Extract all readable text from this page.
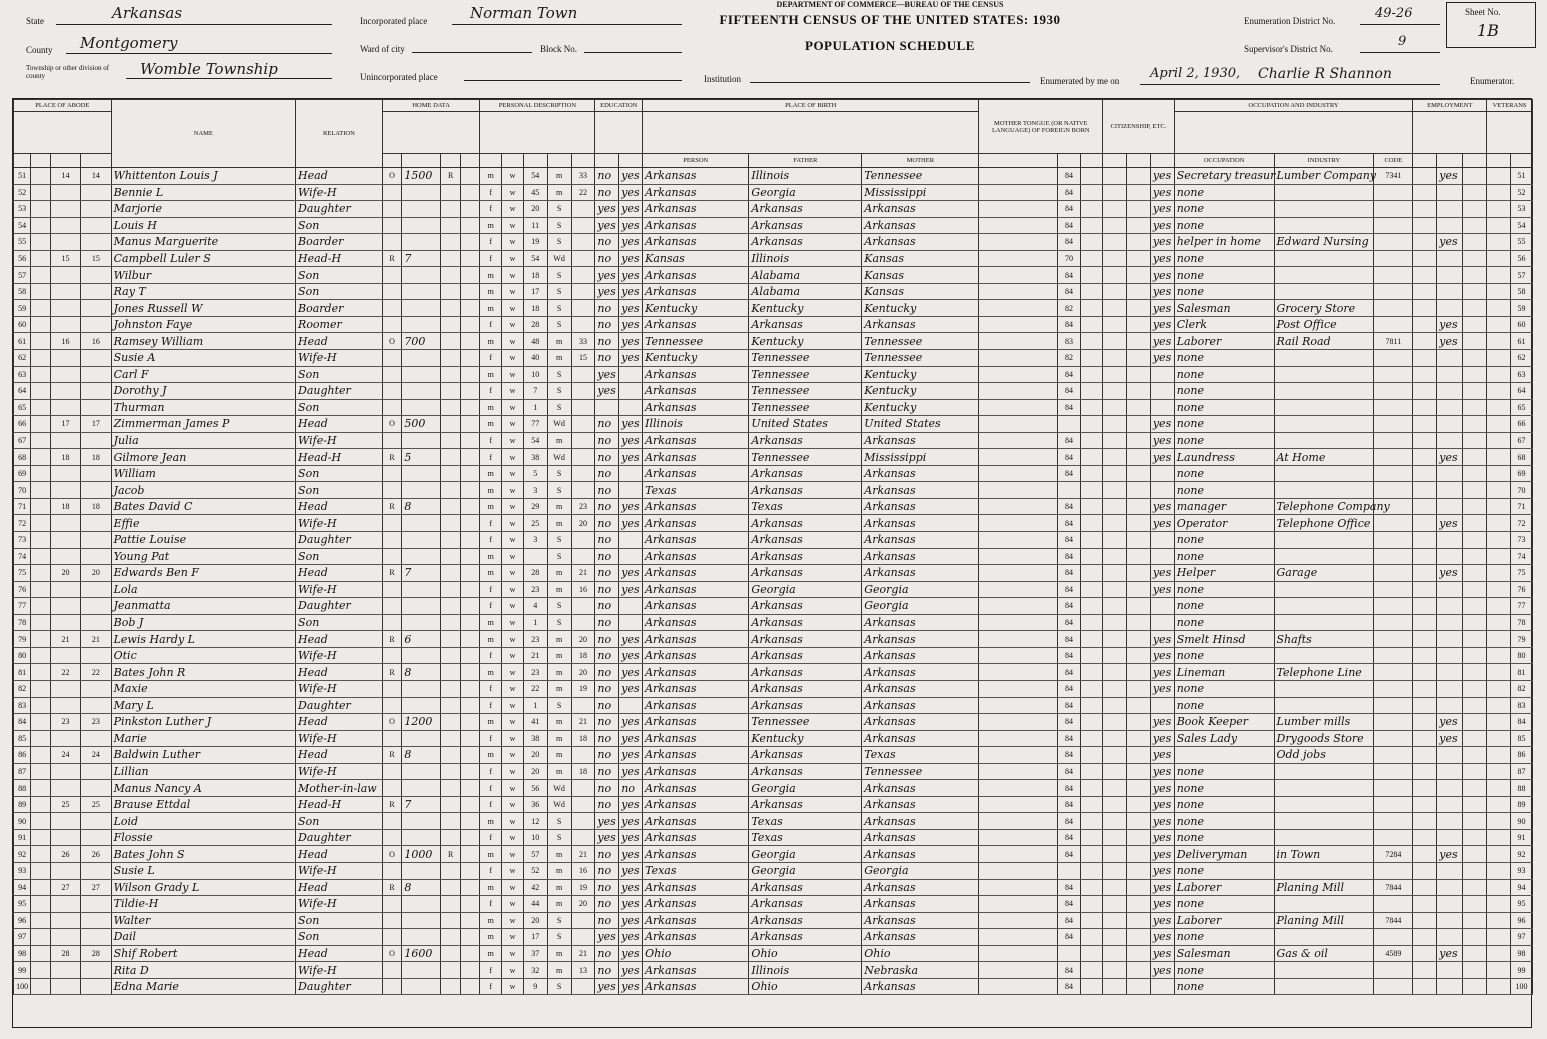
State	Arkansas
County Montgomery
Township or other division of county	Womble Township
Incorporated place	Norman Town
Ward of city	Block No.
Unincorporated place
DEPARTMENT OF COMMERCE—BUREAU OF THE CENSUS
FIFTEENTH CENSUS OF THE UNITED STATES: 1930
POPULATION SCHEDULE
Institution
Enumeration District No.	49-26
Supervisor's District No.	9
Enumerated by me on April 2, 1930, Charlie R Shannon	Enumerator.
Sheet No.
1B
PLACE OF ABODE				NAME	RELATION	HOME DATA				PERSONAL DESCRIPTION					EDUCATION		PLACE OF BIRTH			MOTHER TONGUE (OR NATIVE LANGUAGE) OF FOREIGN BORN			CITIZENSHIP, ETC.			OCCUPATION AND INDUSTRY			EMPLOYMENT			VETERANS	

																	PERSON	FATHER	MOTHER							OCCUPATION	INDUSTRY	CODE					
51		14	14	Whittenton Louis J	Head	O	1500	R		m	w	54	m	33	no	yes	Arkansas	Illinois	Tennessee		84				yes	Secretary treasur	Lumber Company	7341		yes			51
52				Bennie L	Wife-H					f	w	45	m	22	no	yes	Arkansas	Georgia	Mississippi		84				yes	none							52
53				Marjorie	Daughter					f	w	20	S		yes	yes	Arkansas	Arkansas	Arkansas		84				yes	none							53
54				Louis H	Son					m	w	11	S		yes	yes	Arkansas	Arkansas	Arkansas		84				yes	none							54
55				Manus Marguerite	Boarder					f	w	19	S		no	yes	Arkansas	Arkansas	Arkansas		84				yes	helper in home	Edward Nursing			yes			55
56		15	15	Campbell Luler S	Head-H	R	7			f	w	54	Wd		no	yes	Kansas	Illinois	Kansas		70				yes	none							56
57				Wilbur	Son					m	w	18	S		yes	yes	Arkansas	Alabama	Kansas		84				yes	none							57
58				Ray T	Son					m	w	17	S		yes	yes	Arkansas	Alabama	Kansas		84				yes	none							58
59				Jones Russell W	Boarder					m	w	18	S		no	yes	Kentucky	Kentucky	Kentucky		82				yes	Salesman	Grocery Store						59
60				Johnston Faye	Roomer					f	w	28	S		no	yes	Arkansas	Arkansas	Arkansas		84				yes	Clerk	Post Office			yes			60
61		16	16	Ramsey William	Head	O	700			m	w	48	m	33	no	yes	Tennessee	Kentucky	Tennessee		83				yes	Laborer	Rail Road	7811		yes			61
62				Susie A	Wife-H					f	w	40	m	15	no	yes	Kentucky	Tennessee	Tennessee		82				yes	none							62
63				Carl F	Son					m	w	10	S		yes		Arkansas	Tennessee	Kentucky		84					none							63
64				Dorothy J	Daughter					f	w	7	S		yes		Arkansas	Tennessee	Kentucky		84					none							64
65				Thurman	Son					m	w	1	S				Arkansas	Tennessee	Kentucky		84					none							65
66		17	17	Zimmerman James P	Head	O	500			m	w	77	Wd		no	yes	Illinois	United States	United States						yes	none							66
67				Julia	Wife-H					f	w	54	m		no	yes	Arkansas	Arkansas	Arkansas		84				yes	none							67
68		18	18	Gilmore Jean	Head-H	R	5			f	w	38	Wd		no	yes	Arkansas	Tennessee	Mississippi		84				yes	Laundress	At Home			yes			68
69				William	Son					m	w	5	S		no		Arkansas	Arkansas	Arkansas		84					none							69
70				Jacob	Son					m	w	3	S		no		Texas	Arkansas	Arkansas							none							70
71		18	18	Bates David C	Head	R	8			m	w	29	m	23	no	yes	Arkansas	Texas	Arkansas		84				yes	manager	Telephone Company						71
72				Effie	Wife-H					f	w	25	m	20	no	yes	Arkansas	Arkansas	Arkansas		84				yes	Operator	Telephone Office			yes			72
73				Pattie Louise	Daughter					f	w	3	S		no		Arkansas	Arkansas	Arkansas		84					none							73
74				Young Pat	Son					m	w		S		no		Arkansas	Arkansas	Arkansas		84					none							74
75		20	20	Edwards Ben F	Head	R	7			m	w	28	m	21	no	yes	Arkansas	Arkansas	Arkansas		84				yes	Helper	Garage			yes			75
76				Lola	Wife-H					f	w	23	m	16	no	yes	Arkansas	Georgia	Georgia		84				yes	none							76
77				Jeanmatta	Daughter					f	w	4	S		no		Arkansas	Arkansas	Georgia		84					none							77
78				Bob J	Son					m	w	1	S		no		Arkansas	Arkansas	Arkansas		84					none							78
79		21	21	Lewis Hardy L	Head	R	6			m	w	23	m	20	no	yes	Arkansas	Arkansas	Arkansas		84				yes	Smelt Hinsd	Shafts						79
80				Otic	Wife-H					f	w	21	m	18	no	yes	Arkansas	Arkansas	Arkansas		84				yes	none							80
81		22	22	Bates John R	Head	R	8			m	w	23	m	20	no	yes	Arkansas	Arkansas	Arkansas		84				yes	Lineman	Telephone Line						81
82				Maxie	Wife-H					f	w	22	m	19	no	yes	Arkansas	Arkansas	Arkansas		84				yes	none							82
83				Mary L	Daughter					f	w	1	S		no		Arkansas	Arkansas	Arkansas		84					none							83
84		23	23	Pinkston Luther J	Head	O	1200			m	w	41	m	21	no	yes	Arkansas	Tennessee	Arkansas		84				yes	Book Keeper	Lumber mills			yes			84
85				Marie	Wife-H					f	w	38	m	18	no	yes	Arkansas	Kentucky	Arkansas		84				yes	Sales Lady	Drygoods Store			yes			85
86		24	24	Baldwin Luther	Head	R	8			m	w	20	m		no	yes	Arkansas	Arkansas	Texas		84				yes		Odd jobs						86
87				Lillian	Wife-H					f	w	20	m	18	no	yes	Arkansas	Arkansas	Tennessee		84				yes	none							87
88				Manus Nancy A	Mother-in-law					f	w	56	Wd		no	no	Arkansas	Georgia	Arkansas		84				yes	none							88
89		25	25	Brause Ettdal	Head-H	R	7			f	w	36	Wd		no	yes	Arkansas	Arkansas	Arkansas		84				yes	none							89
90				Loid	Son					m	w	12	S		yes	yes	Arkansas	Texas	Arkansas		84				yes	none							90
91				Flossie	Daughter					f	w	10	S		yes	yes	Arkansas	Texas	Arkansas		84				yes	none							91
92		26	26	Bates John S	Head	O	1000	R		m	w	57	m	21	no	yes	Arkansas	Georgia	Arkansas		84				yes	Deliveryman	in Town	7284		yes			92
93				Susie L	Wife-H					f	w	52	m	16	no	yes	Texas	Georgia	Georgia						yes	none							93
94		27	27	Wilson Grady L	Head	R	8			m	w	42	m	19	no	yes	Arkansas	Arkansas	Arkansas		84				yes	Laborer	Planing Mill	7844					94
95				Tildie-H	Wife-H					f	w	44	m	20	no	yes	Arkansas	Arkansas	Arkansas		84				yes	none							95
96				Walter	Son					m	w	20	S		no	yes	Arkansas	Arkansas	Arkansas		84				yes	Laborer	Planing Mill	7844					96
97				Dail	Son					m	w	17	S		yes	yes	Arkansas	Arkansas	Arkansas		84				yes	none							97
98		28	28	Shif Robert	Head	O	1600			m	w	37	m	21	no	yes	Ohio	Ohio	Ohio						yes	Salesman	Gas & oil	4589		yes			98
99				Rita D	Wife-H					f	w	32	m	13	no	yes	Arkansas	Illinois	Nebraska		84				yes	none							99
100				Edna Marie	Daughter					f	w	9	S		yes	yes	Arkansas	Ohio	Arkansas		84					none							100
